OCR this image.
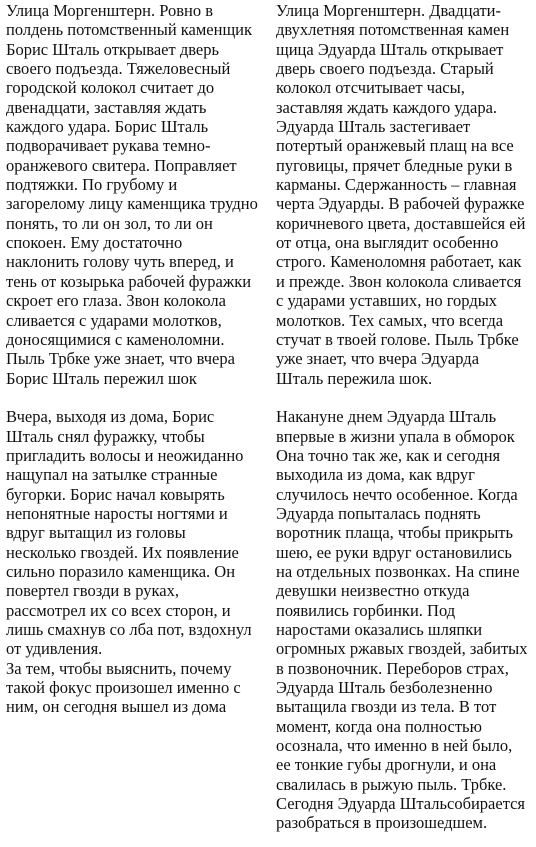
Улица Моргенштерн. Ровно в
полдень потомственный каменщик
Борис Шталь открывает дверь
своего подъезда. Тяжеловесный
городской колокол считает до
двенадцати, заставляя ждать
каждого удара. Борис Шталь
подворачивает рукава темно-
оранжевого свитера. Поправляет
подтяжки. По грубому и
загорелому лицу каменщика трудно
понять, то ли он зол, то ли он
спокоен. Ему достаточно
наклонить голову чуть вперед, и
тень от козырька рабочей фуражки
скроет его глаза. Звон колокола
сливается с ударами молотков,
доносящимися с каменоломни.
Пыль Трбке уже знает, что вчера
Борис Шталь пережил шок
Вчера, выходя из дома, Борис
Шталь снял фуражку, чтобы
пригладить волосы и неожиданно
нащупал на затылке странные
бугорки. Борис начал ковырять
непонятные наросты ногтями и
вдруг вытащил из головы
несколько гвоздей. Их появление
сильно поразило каменщика. Он
повертел гвозди в руках,
рассмотрел их со всех сторон, и
лишь смахнув со лба пот, вздохнул
от удивления.
За тем, чтобы выяснить, почему
такой фокус произошел именно с
ним, он сегодня вышел из дома
Улица Моргенштерн. Двадцати-
двухлетняя потомственная камен
щица Эдуарда Шталь открывает
дверь своего подъезда. Старый
колокол отсчитывает часы,
заставляя ждать каждого удара.
Эдуарда Шталь застегивает
потертый оранжевый плащ на все
пуговицы, прячет бледные руки в
карманы. Сдержанность – главная
черта Эдуарды. В рабочей фуражке
коричневого цвета, доставшейся ей
от отца, она выглядит особенно
строго. Каменоломня работает, как
и прежде. Звон колокола сливается
с ударами уставших, но гордых
молотков. Тех самых, что всегда
стучат в твоей голове. Пыль Трбке
уже знает, что вчера Эдуарда
Шталь пережила шок.
Накануне днем Эдуарда Шталь
впервые в жизни упала в обморок
Она точно так же, как и сегодня
выходила из дома, как вдруг
случилось нечто особенное. Когда
Эдуарда попыталась поднять
воротник плаща, чтобы прикрыть
шею, ее руки вдруг остановились
на отдельных позвонках. На спине
девушки неизвестно откуда
появились горбинки. Под
наростами оказались шляпки
огромных ржавых гвоздей, забитых
в позвоночник. Переборов страх,
Эдуарда Шталь безболезненно
вытащила гвозди из тела. В тот
момент, когда она полностью
осознала, что именно в ней было,
ее тонкие губы дрогнули, и она
свалилась в рыжую пыль. Трбке.
Сегодня Эдуарда Штальсобирается
разобраться в произошедшем.
